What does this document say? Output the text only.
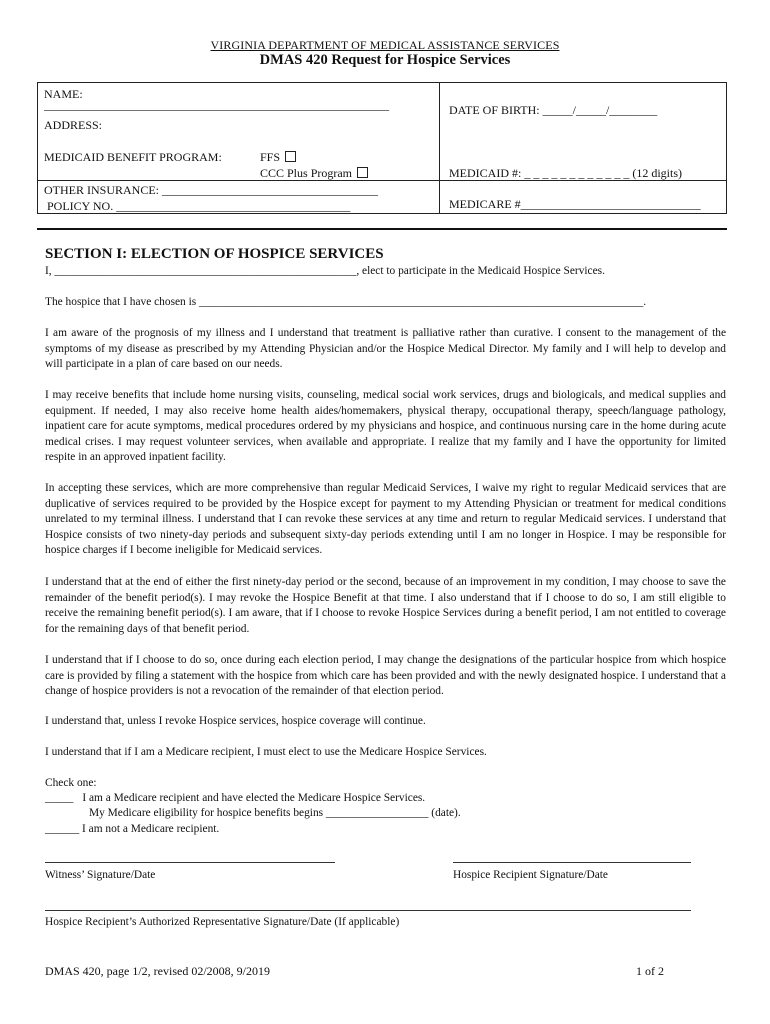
VIRGINIA DEPARTMENT OF MEDICAL ASSISTANCE SERVICES
DMAS 420 Request for Hospice Services
NAME:
____________________________________________________________	DATE OF BIRTH: _____/_____/________
ADDRESS:
MEDICAID BENEFIT PROGRAM:	FFS
CCC Plus Program	MEDICAID #: _ _ _ _ _ _ _ _ _ _ _ _ (12 digits)
OTHER INSURANCE: ____________________________________
POLICY NO. _______________________________________	MEDICARE #______________________________
SECTION I: ELECTION OF HOSPICE SERVICES
I, _____________________________________________________, elect to participate in the Medicaid Hospice Services.
The hospice that I have chosen is ______________________________________________________________________________.
I am aware of the prognosis of my illness and I understand that treatment is palliative rather than curative. I consent to the management of the symptoms of my disease as prescribed by my Attending Physician and/or the Hospice Medical Director. My family and I will help to develop and will participate in a plan of care based on our needs.
I may receive benefits that include home nursing visits, counseling, medical social work services, drugs and biologicals, and medical supplies and equipment. If needed, I may also receive home health aides/homemakers, physical therapy, occupational therapy, speech/language pathology, inpatient care for acute symptoms, medical procedures ordered by my physicians and hospice, and continuous nursing care in the home during acute medical crises. I may request volunteer services, when available and appropriate. I realize that my family and I have the opportunity for limited respite in an approved inpatient facility.
In accepting these services, which are more comprehensive than regular Medicaid Services, I waive my right to regular Medicaid services that are duplicative of services required to be provided by the Hospice except for payment to my Attending Physician or treatment for medical conditions unrelated to my terminal illness. I understand that I can revoke these services at any time and return to regular Medicaid services. I understand that Hospice consists of two ninety-day periods and subsequent sixty-day periods extending until I am no longer in Hospice. I may be responsible for hospice charges if I become ineligible for Medicaid services.
I understand that at the end of either the first ninety-day period or the second, because of an improvement in my condition, I may choose to save the remainder of the benefit period(s). I may revoke the Hospice Benefit at that time. I also understand that if I choose to do so, I am still eligible to receive the remaining benefit period(s). I am aware, that if I choose to revoke Hospice Services during a benefit period, I am not entitled to coverage for the remaining days of that benefit period.
I understand that if I choose to do so, once during each election period, I may change the designations of the particular hospice from which hospice care is provided by filing a statement with the hospice from which care has been provided and with the newly designated hospice. I understand that a change of hospice providers is not a revocation of the remainder of that election period.
I understand that, unless I revoke Hospice services, hospice coverage will continue.
I understand that if I am a Medicare recipient, I must elect to use the Medicare Hospice Services.
Check one:
_____ I am a Medicare recipient and have elected the Medicare Hospice Services.
My Medicare eligibility for hospice benefits begins __________________ (date).
______ I am not a Medicare recipient.
Witness’ Signature/Date	Hospice Recipient Signature/Date
Hospice Recipient’s Authorized Representative Signature/Date (If applicable)
DMAS 420, page 1/2, revised 02/2008, 9/2019	1 of 2
